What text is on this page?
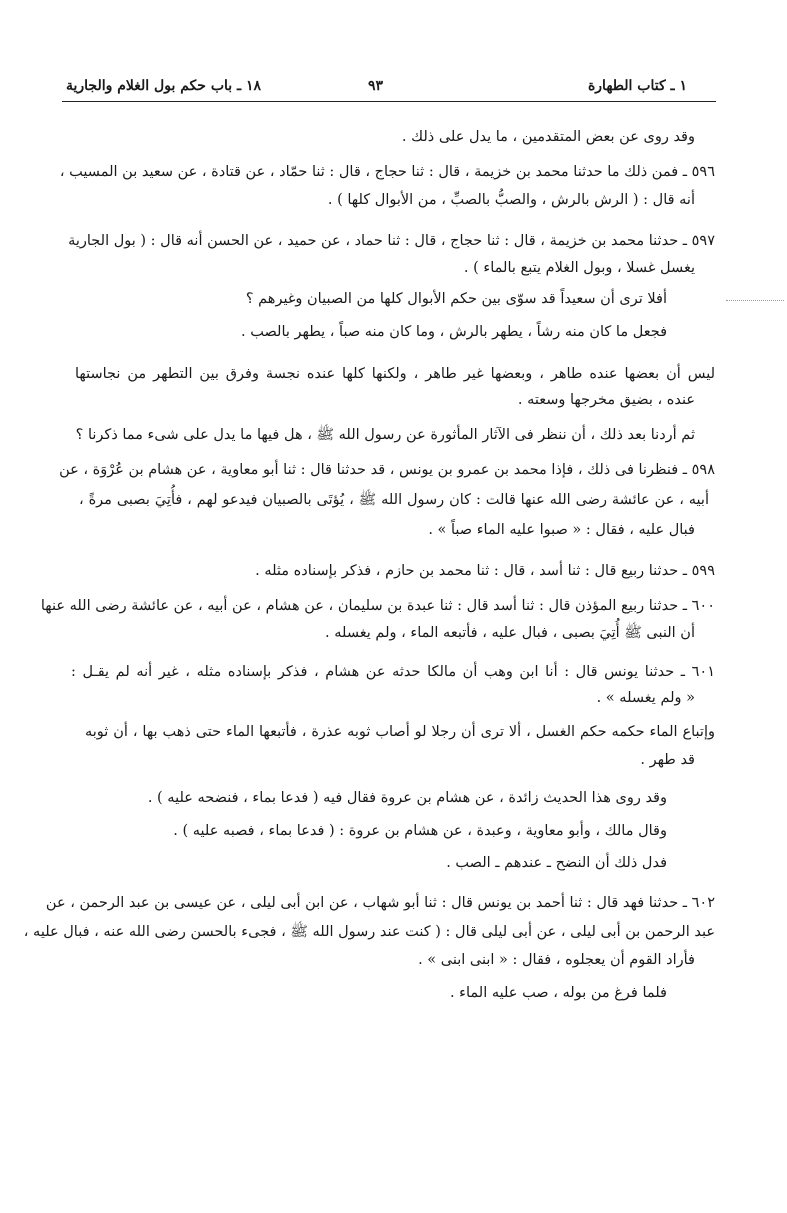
١ ـ كتاب الطهارة
٩٣
١٨ ـ باب حكم بول الغلام والجارية
وقد روى عن بعض المتقدمين ، ما يدل على ذلك .
٥٩٦ ـ فمن ذلك ما حدثنا محمد بن خزيمة ، قال : ثنا حجاج ، قال : ثنا حمّاد ، عن قتادة ، عن سعيد بن المسيب ،
أنه قال : ( الرش بالرش ، والصبُّ بالصبِّ ، من الأبوال كلها ) .
٥٩٧ ـ حدثنا محمد بن خزيمة ، قال : ثنا حجاج ، قال : ثنا حماد ، عن حميد ، عن الحسن أنه قال : ( بول الجارية
يغسل غسلا ، وبول الغلام يتبع بالماء ) .
أفلا ترى أن سعيداً قد سوّى بين حكم الأبوال كلها من الصبيان وغيرهم ؟
فجعل ما كان منه رشاً ، يطهر بالرش ، وما كان منه صباً ، يطهر بالصب .
ليس أن بعضها عنده طاهر ، وبعضها غير طاهر ، ولكنها كلها عنده نجسة وفرق بين التطهر من نجاستها
عنده ، بضيق مخرجها وسعته .
ثم أردنا بعد ذلك ، أن ننظر فى الآثار المأثورة عن رسول الله ﷺ ، هل فيها ما يدل على شىء مما ذكرنا ؟
٥٩٨ ـ فنظرنا فى ذلك ، فإذا محمد بن عمرو بن يونس ، قد حدثنا قال : ثنا أبو معاوية ، عن هشام بن عُرْوَة ، عن
أبيه ، عن عائشة رضى الله عنها قالت : كان رسول الله ﷺ ، يُؤتَى بالصبيان فيدعو لهم ، فأُتِيَ بصبى مرةً ،
فبال عليه ، فقال : « صبوا عليه الماء صباً » .
٥٩٩ ـ حدثنا ربيع قال : ثنا أسد ، قال : ثنا محمد بن حازم ، فذكر بإسناده مثله .
٦٠٠ ـ حدثنا ربيع المؤذن قال : ثنا أسد قال : ثنا عبدة بن سليمان ، عن هشام ، عن أبيه ، عن عائشة رضى الله عنها
أن النبى ﷺ أُتِيَ بصبى ، فبال عليه ، فأتبعه الماء ، ولم يغسله .
٦٠١ ـ حدثنا يونس قال : أنا ابن وهب أن مالكا حدثه عن هشام ، فذكر بإسناده مثله ، غير أنه لم يقـل :
« ولم يغسله » .
وإتباع الماء حكمه حكم الغسل ، ألا ترى أن رجلا لو أصاب ثوبه عذرة ، فأتبعها الماء حتى ذهب بها ، أن ثوبه
قد طهر .
وقد روى هذا الحديث زائدة ، عن هشام بن عروة فقال فيه ( فدعا بماء ، فنضحه عليه ) .
وقال مالك ، وأبو معاوية ، وعبدة ، عن هشام بن عروة : ( فدعا بماء ، فصبه عليه ) .
فدل ذلك أن النضح ـ عندهم ـ الصب .
٦٠٢ ـ حدثنا فهد قال : ثنا أحمد بن يونس قال : ثنا أبو شهاب ، عن ابن أبى ليلى ، عن عيسى بن عبد الرحمن ، عن
عبد الرحمن بن أبى ليلى ، عن أبى ليلى قال : ( كنت عند رسول الله ﷺ ، فجىء بالحسن رضى الله عنه ، فبال عليه ،
فأراد القوم أن يعجلوه ، فقال : « ابنى ابنى » .
فلما فرغ من بوله ، صب عليه الماء .
